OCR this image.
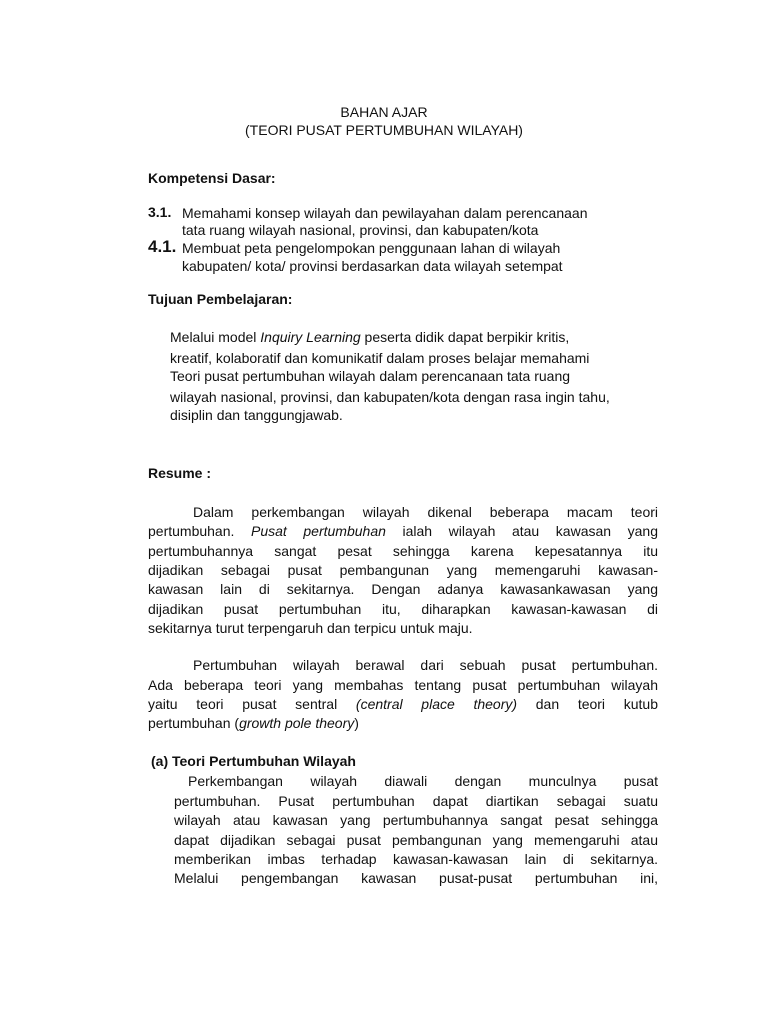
BAHAN AJAR
(TEORI PUSAT PERTUMBUHAN WILAYAH)
Kompetensi Dasar:
3.1. Memahami konsep wilayah dan pewilayahan dalam perencanaan
tata ruang wilayah nasional, provinsi, dan kabupaten/kota
4.1. Membuat peta pengelompokan penggunaan lahan di wilayah
kabupaten/ kota/ provinsi berdasarkan data wilayah setempat
Tujuan Pembelajaran:
Melalui model Inquiry Learning peserta didik dapat berpikir kritis,
kreatif, kolaboratif dan komunikatif dalam proses belajar memahami
Teori pusat pertumbuhan wilayah dalam perencanaan tata ruang
wilayah nasional, provinsi, dan kabupaten/kota dengan rasa ingin tahu,
disiplin dan tanggungjawab.
Resume :
Dalam perkembangan wilayah dikenal beberapa macam teori
pertumbuhan. Pusat pertumbuhan ialah wilayah atau kawasan yang
pertumbuhannya sangat pesat sehingga karena kepesatannya itu
dijadikan sebagai pusat pembangunan yang memengaruhi kawasan-
kawasan lain di sekitarnya. Dengan adanya kawasankawasan yang
dijadikan pusat pertumbuhan itu, diharapkan kawasan-kawasan di
sekitarnya turut terpengaruh dan terpicu untuk maju.
Pertumbuhan wilayah berawal dari sebuah pusat pertumbuhan.
Ada beberapa teori yang membahas tentang pusat pertumbuhan wilayah
yaitu teori pusat sentral (central place theory) dan teori kutub
pertumbuhan (growth pole theory)
(a) Teori Pertumbuhan Wilayah
Perkembangan wilayah diawali dengan munculnya pusat
pertumbuhan. Pusat pertumbuhan dapat diartikan sebagai suatu
wilayah atau kawasan yang pertumbuhannya sangat pesat sehingga
dapat dijadikan sebagai pusat pembangunan yang memengaruhi atau
memberikan imbas terhadap kawasan-kawasan lain di sekitarnya.
Melalui pengembangan kawasan pusat-pusat pertumbuhan ini,
